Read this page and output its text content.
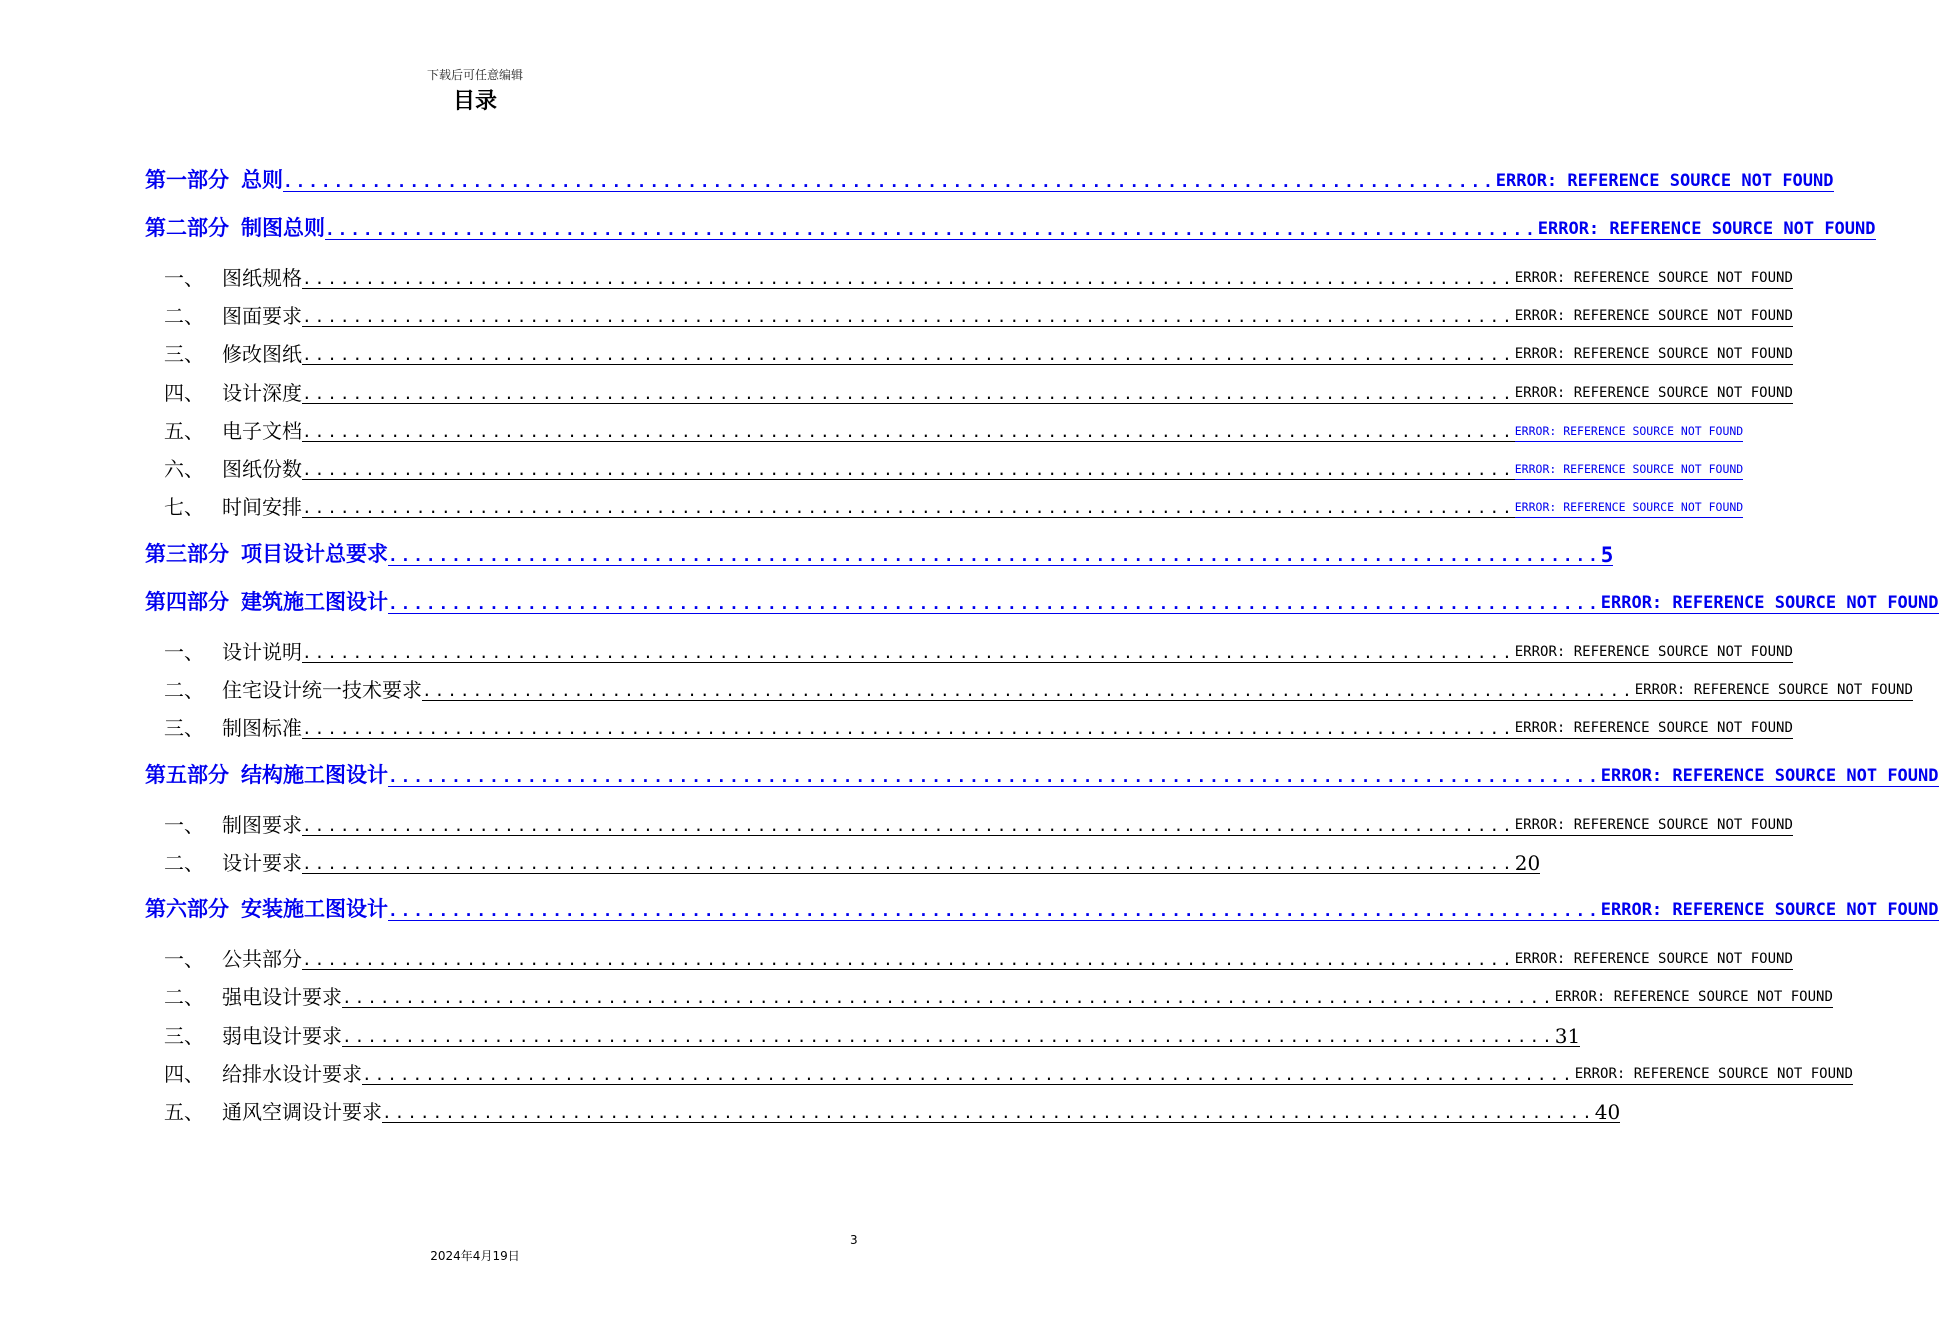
下载后可任意编辑
目录
第一部分 总则 ................................................................................................ ERROR: REFERENCE SOURCE NOT FOUND
第二部分 制图总则 ................................................................................................ ERROR: REFERENCE SOURCE NOT FOUND
一、 图纸规格 ................................................................................................ ERROR: REFERENCE SOURCE NOT FOUND
二、 图面要求 ................................................................................................ ERROR: REFERENCE SOURCE NOT FOUND
三、 修改图纸 ................................................................................................ ERROR: REFERENCE SOURCE NOT FOUND
四、 设计深度 ................................................................................................ ERROR: REFERENCE SOURCE NOT FOUND
五、 电子文档 ................................................................................................ ERROR: REFERENCE SOURCE NOT FOUND
六、 图纸份数 ................................................................................................ ERROR: REFERENCE SOURCE NOT FOUND
七、 时间安排 ................................................................................................ ERROR: REFERENCE SOURCE NOT FOUND
第三部分 项目设计总要求 ................................................................................................ 5
第四部分 建筑施工图设计 ................................................................................................ ERROR: REFERENCE SOURCE NOT FOUND
一、 设计说明 ................................................................................................ ERROR: REFERENCE SOURCE NOT FOUND
二、 住宅设计统一技术要求 ................................................................................................ ERROR: REFERENCE SOURCE NOT FOUND
三、 制图标准 ................................................................................................ ERROR: REFERENCE SOURCE NOT FOUND
第五部分 结构施工图设计 ................................................................................................ ERROR: REFERENCE SOURCE NOT FOUND
一、 制图要求 ................................................................................................ ERROR: REFERENCE SOURCE NOT FOUND
二、 设计要求 ................................................................................................ 20
第六部分 安装施工图设计 ................................................................................................ ERROR: REFERENCE SOURCE NOT FOUND
一、 公共部分 ................................................................................................ ERROR: REFERENCE SOURCE NOT FOUND
二、 强电设计要求 ................................................................................................ ERROR: REFERENCE SOURCE NOT FOUND
三、 弱电设计要求 ................................................................................................ 31
四、 给排水设计要求 ................................................................................................ ERROR: REFERENCE SOURCE NOT FOUND
五、 通风空调设计要求 ................................................................................................ 40
3
2024年4月19日
